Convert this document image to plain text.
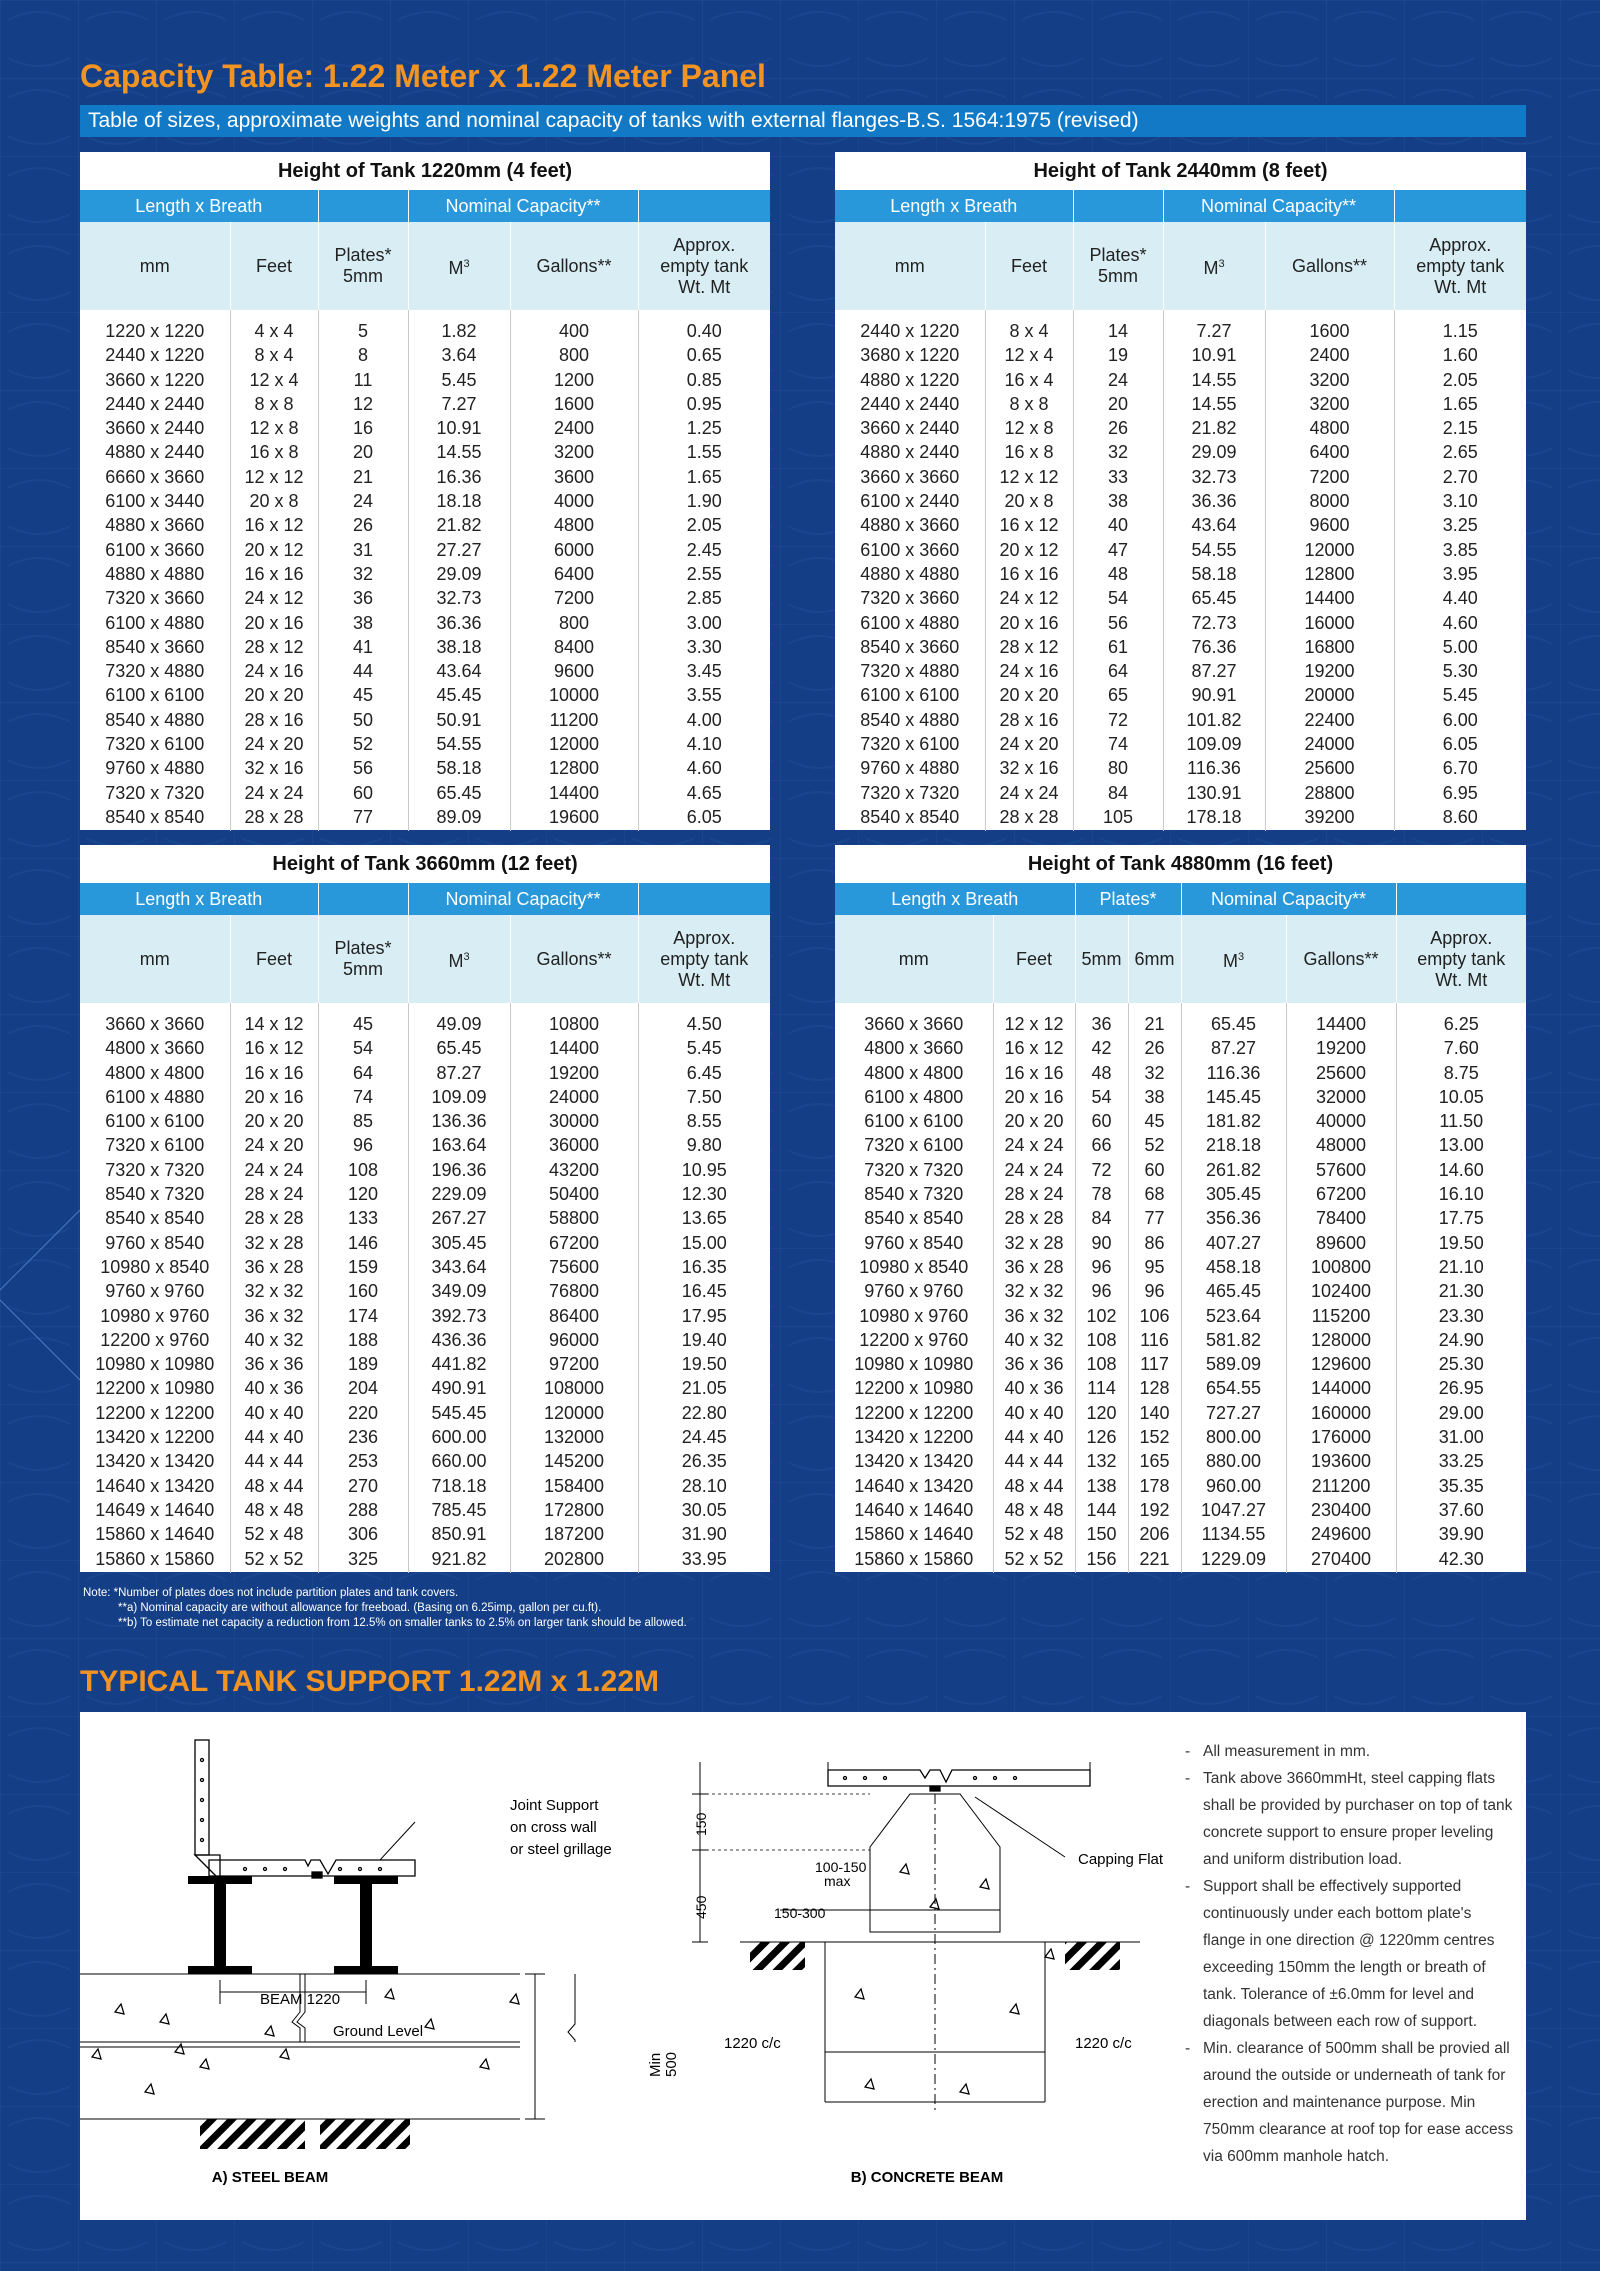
Capacity Table: 1.22 Meter x 1.22 Meter Panel
Table of sizes, approximate weights and nominal capacity of tanks with external flanges-B.S. 1564:1975 (revised)
Height of Tank 1220mm (4 feet)					
Length x Breath			Nominal Capacity**		
mm	Feet	Plates*
5mm	$M^3$	Gallons**	Approx.
empty tank
Wt. Mt
1220 x 1220	4 x 4	5	1.82	400	0.40
2440 x 1220	8 x 4	8	3.64	800	0.65
3660 x 1220	12 x 4	11	5.45	1200	0.85
2440 x 2440	8 x 8	12	7.27	1600	0.95
3660 x 2440	12 x 8	16	10.91	2400	1.25
4880 x 2440	16 x 8	20	14.55	3200	1.55
6660 x 3660	12 x 12	21	16.36	3600	1.65
6100 x 3440	20 x 8	24	18.18	4000	1.90
4880 x 3660	16 x 12	26	21.82	4800	2.05
6100 x 3660	20 x 12	31	27.27	6000	2.45
4880 x 4880	16 x 16	32	29.09	6400	2.55
7320 x 3660	24 x 12	36	32.73	7200	2.85
6100 x 4880	20 x 16	38	36.36	800	3.00
8540 x 3660	28 x 12	41	38.18	8400	3.30
7320 x 4880	24 x 16	44	43.64	9600	3.45
6100 x 6100	20 x 20	45	45.45	10000	3.55
8540 x 4880	28 x 16	50	50.91	11200	4.00
7320 x 6100	24 x 20	52	54.55	12000	4.10
9760 x 4880	32 x 16	56	58.18	12800	4.60
7320 x 7320	24 x 24	60	65.45	14400	4.65
8540 x 8540	28 x 28	77	89.09	19600	6.05
Height of Tank 2440mm (8 feet)					
Length x Breath			Nominal Capacity**		
mm	Feet	Plates*
5mm	$M^3$	Gallons**	Approx.
empty tank
Wt. Mt
2440 x 1220	8 x 4	14	7.27	1600	1.15
3680 x 1220	12 x 4	19	10.91	2400	1.60
4880 x 1220	16 x 4	24	14.55	3200	2.05
2440 x 2440	8 x 8	20	14.55	3200	1.65
3660 x 2440	12 x 8	26	21.82	4800	2.15
4880 x 2440	16 x 8	32	29.09	6400	2.65
3660 x 3660	12 x 12	33	32.73	7200	2.70
6100 x 2440	20 x 8	38	36.36	8000	3.10
4880 x 3660	16 x 12	40	43.64	9600	3.25
6100 x 3660	20 x 12	47	54.55	12000	3.85
4880 x 4880	16 x 16	48	58.18	12800	3.95
7320 x 3660	24 x 12	54	65.45	14400	4.40
6100 x 4880	20 x 16	56	72.73	16000	4.60
8540 x 3660	28 x 12	61	76.36	16800	5.00
7320 x 4880	24 x 16	64	87.27	19200	5.30
6100 x 6100	20 x 20	65	90.91	20000	5.45
8540 x 4880	28 x 16	72	101.82	22400	6.00
7320 x 6100	24 x 20	74	109.09	24000	6.05
9760 x 4880	32 x 16	80	116.36	25600	6.70
7320 x 7320	24 x 24	84	130.91	28800	6.95
8540 x 8540	28 x 28	105	178.18	39200	8.60
Height of Tank 3660mm (12 feet)					
Length x Breath			Nominal Capacity**		
mm	Feet	Plates*
5mm	$M^3$	Gallons**	Approx.
empty tank
Wt. Mt
3660 x 3660	14 x 12	45	49.09	10800	4.50
4800 x 3660	16 x 12	54	65.45	14400	5.45
4800 x 4800	16 x 16	64	87.27	19200	6.45
6100 x 4880	20 x 16	74	109.09	24000	7.50
6100 x 6100	20 x 20	85	136.36	30000	8.55
7320 x 6100	24 x 20	96	163.64	36000	9.80
7320 x 7320	24 x 24	108	196.36	43200	10.95
8540 x 7320	28 x 24	120	229.09	50400	12.30
8540 x 8540	28 x 28	133	267.27	58800	13.65
9760 x 8540	32 x 28	146	305.45	67200	15.00
10980 x 8540	36 x 28	159	343.64	75600	16.35
9760 x 9760	32 x 32	160	349.09	76800	16.45
10980 x 9760	36 x 32	174	392.73	86400	17.95
12200 x 9760	40 x 32	188	436.36	96000	19.40
10980 x 10980	36 x 36	189	441.82	97200	19.50
12200 x 10980	40 x 36	204	490.91	108000	21.05
12200 x 12200	40 x 40	220	545.45	120000	22.80
13420 x 12200	44 x 40	236	600.00	132000	24.45
13420 x 13420	44 x 44	253	660.00	145200	26.35
14640 x 13420	48 x 44	270	718.18	158400	28.10
14649 x 14640	48 x 48	288	785.45	172800	30.05
15860 x 14640	52 x 48	306	850.91	187200	31.90
15860 x 15860	52 x 52	325	921.82	202800	33.95
Height of Tank 4880mm (16 feet)						
Length x Breath		Plates*		Nominal Capacity**		
mm	Feet	5mm	6mm	$M^3$	Gallons**	Approx.
empty tank
Wt. Mt
3660 x 3660	12 x 12	36	21	65.45	14400	6.25
4800 x 3660	16 x 12	42	26	87.27	19200	7.60
4800 x 4800	16 x 16	48	32	116.36	25600	8.75
6100 x 4800	20 x 16	54	38	145.45	32000	10.05
6100 x 6100	20 x 20	60	45	181.82	40000	11.50
7320 x 6100	24 x 24	66	52	218.18	48000	13.00
7320 x 7320	24 x 24	72	60	261.82	57600	14.60
8540 x 7320	28 x 24	78	68	305.45	67200	16.10
8540 x 8540	28 x 28	84	77	356.36	78400	17.75
9760 x 8540	32 x 28	90	86	407.27	89600	19.50
10980 x 8540	36 x 28	96	95	458.18	100800	21.10
9760 x 9760	32 x 32	96	96	465.45	102400	21.30
10980 x 9760	36 x 32	102	106	523.64	115200	23.30
12200 x 9760	40 x 32	108	116	581.82	128000	24.90
10980 x 10980	36 x 36	108	117	589.09	129600	25.30
12200 x 10980	40 x 36	114	128	654.55	144000	26.95
12200 x 12200	40 x 40	120	140	727.27	160000	29.00
13420 x 12200	44 x 40	126	152	800.00	176000	31.00
13420 x 13420	44 x 44	132	165	880.00	193600	33.25
14640 x 13420	48 x 44	138	178	960.00	211200	35.35
14640 x 14640	48 x 48	144	192	1047.27	230400	37.60
15860 x 14640	52 x 48	150	206	1134.55	249600	39.90
15860 x 15860	52 x 52	156	221	1229.09	270400	42.30
Note: *Number of plates does not include partition plates and tank covers.
**a) Nominal capacity are without allowance for freeboad. (Basing on 6.25imp, gallon per cu.ft).
**b) To estimate net capacity a reduction from 12.5% on smaller tanks to 2.5% on larger tank should be allowed.
TYPICAL TANK SUPPORT 1.22M x 1.22M
Joint Support
on cross wall
or steel grillage
BEAM 1220
Ground Level
Min 500
A) STEEL BEAM
150
450
100-150
max
150-300
Capping Flat
1220 c/c	1220 c/c
B) CONCRETE BEAM
- All measurement in mm.
- Tank above 3660mmHt, steel capping flats shall be provided by purchaser on top of tank concrete support to ensure proper leveling and uniform distribution load.
- Support shall be effectively supported continuously under each bottom plate's flange in one direction @ 1220mm centres exceeding 150mm the length or breath of tank. Tolerance of ±6.0mm for level and diagonals between each row of support.
- Min. clearance of 500mm shall be provied all around the outside or underneath of tank for erection and maintenance purpose. Min 750mm clearance at roof top for ease access via 600mm manhole hatch.
